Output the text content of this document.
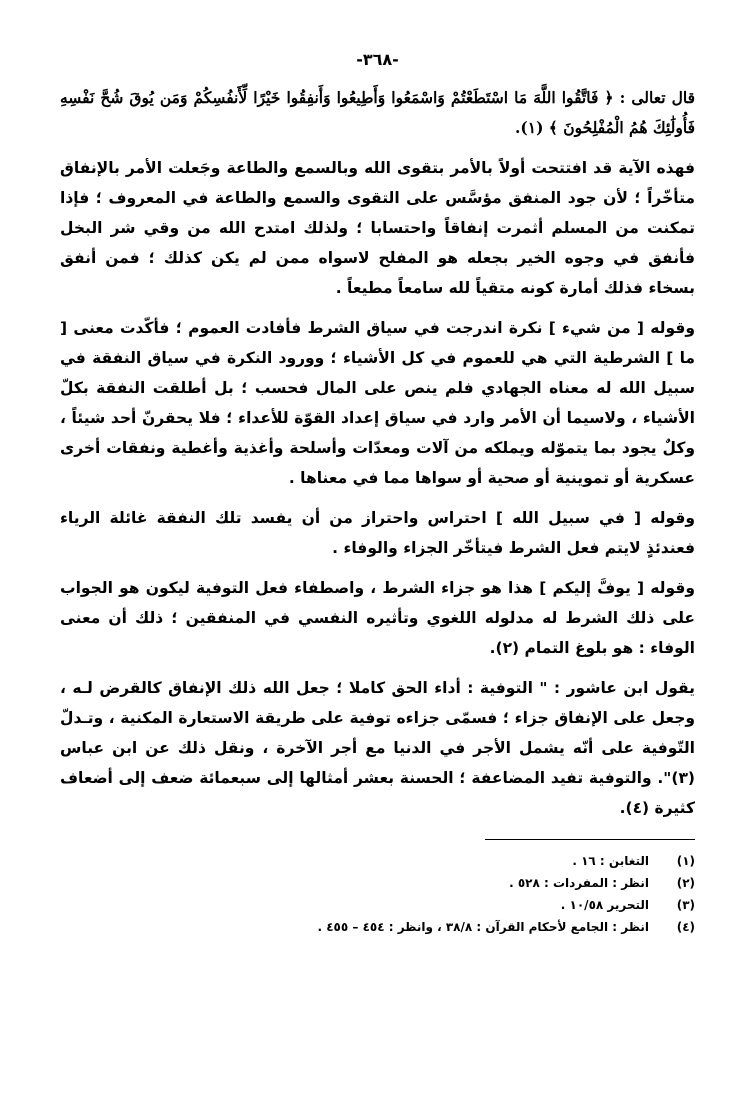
-٣٦٨-

قال تعالى : ﴿ فَاتَّقُوا اللَّهَ مَا اسْتَطَعْتُمْ وَاسْمَعُوا وَأَطِيعُوا وَأَنفِقُوا خَيْرًا لِّأَنفُسِكُمْ وَمَن يُوقَ شُحَّ نَفْسِهِ فَأُولَٰئِكَ هُمُ الْمُفْلِحُونَ ﴾ (١).

فهذه الآية قد افتتحت أولاً بالأمر بتقوى الله وبالسمع والطاعة وجَعلت الأمر بالإنفاق متأخّراً ؛ لأن جود المنفق مؤسَّس على التقوى والسمع والطاعة في المعروف ؛ فإذا تمكنت من المسلم أثمرت إنفاقاً واحتسابا ؛ ولذلك امتدح الله من وقي شر البخل فأنفق في وجوه الخير بجعله هو المفلح لاسواه ممن لم يكن كذلك ؛ فمن أنفق بسخاء فذلك أمارة كونه متقياً لله سامعاً مطيعاً .

وقوله [ من شيء ] نكرة اندرجت في سياق الشرط فأفادت العموم ؛ فأكّدت معنى [ ما ] الشرطية التي هي للعموم في كل الأشياء ؛ وورود النكرة في سياق النفقة في سبيل الله له معناه الجهادي فلم ينص على المال فحسب ؛ بل أطلقت النفقة بكلّ الأشياء ، ولاسيما أن الأمر وارد في سياق إعداد القوّة للأعداء ؛ فلا يحقرنّ أحد شيئاً ، وكلٌ يجود بما يتموّله ويملكه من آلات ومعدّات وأسلحة وأغذية وأغطية ونفقات أخرى عسكرية أو تموينية أو صحية أو سواها مما في معناها .

وقوله [ في سبيل الله ] احتراس واحتراز من أن يفسد تلك النفقة غائلة الرياء فعندئذٍ لايتم فعل الشرط فيتأخّر الجزاء والوفاء .

وقوله [ يوفَّ إليكم ] هذا هو جزاء الشرط ، واصطفاء فعل التوفية ليكون هو الجواب على ذلك الشرط له مدلوله اللغوي وتأثيره النفسي في المنفقين ؛ ذلك أن معنى الوفاء : هو بلوغ التمام (٢).

يقول ابن عاشور : " التوفية : أداء الحق كاملا ؛ جعل الله ذلك الإنفاق كالقرض لـه ، وجعل على الإنفاق جزاء ؛ فسمّى جزاءه توفية على طريقة الاستعارة المكنية ، وتـدلّ التّوفية على أنّه يشمل الأجر في الدنيا مع أجر الآخرة ، ونقل ذلك عن ابن عباس (٣)". والتوفية تفيد المضاعفة ؛ الحسنة بعشر أمثالها إلى سبعمائة ضعف إلى أضعاف كثيرة (٤).

(١)
التغابن : ١٦ .
(٢)
انظر : المفردات : ٥٢٨ .
(٣)
التحرير ١٠/٥٨ .
(٤)
انظر : الجامع لأحكام القرآن : ٣٨/٨ ، وانظر : ٤٥٤ – ٤٥٥ .
